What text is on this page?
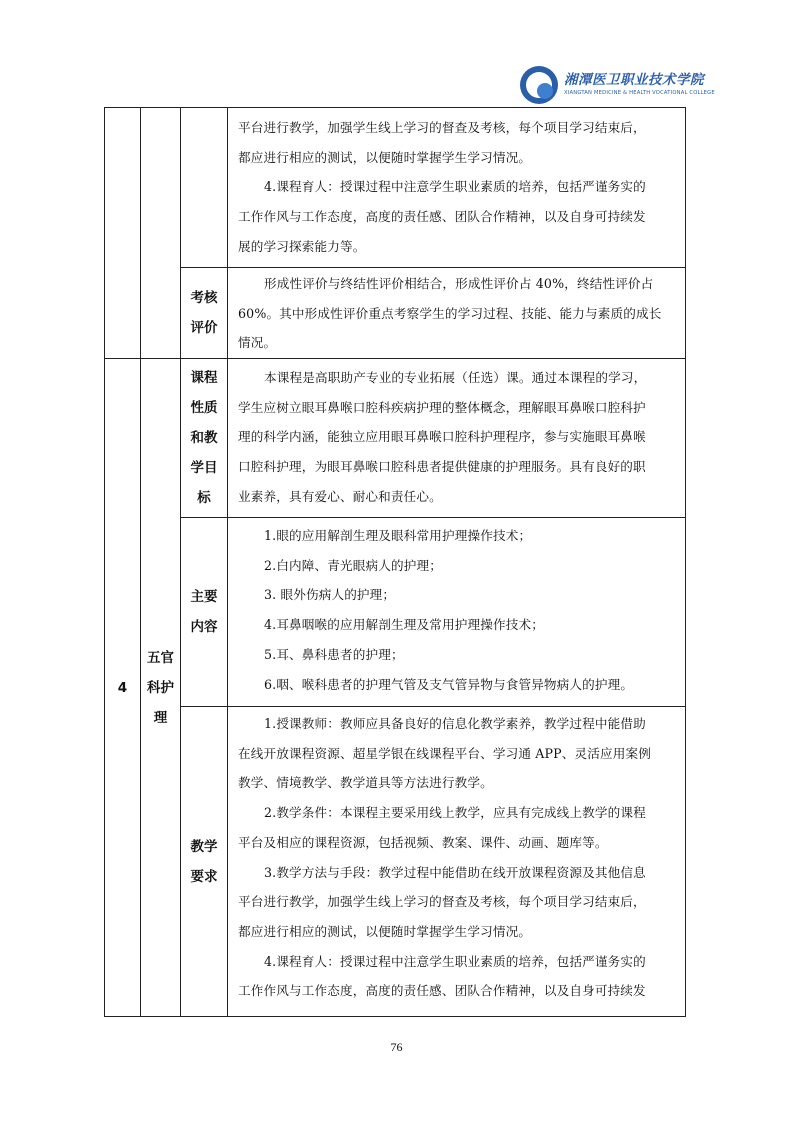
湘潭医卫职业技术学院
XIANGTAN MEDICINE & HEALTH VOCATIONAL COLLEGE
平台进行教学，加强学生线上学习的督查及考核，每个项目学习结束后，
都应进行相应的测试，以便随时掌握学生学习情况。
4.课程育人：授课过程中注意学生职业素质的培养，包括严谨务实的
工作作风与工作态度，高度的责任感、团队合作精神，以及自身可持续发
展的学习探索能力等。
考核
评价
形成性评价与终结性评价相结合，形成性评价占 40%，终结性评价占
60%。其中形成性评价重点考察学生的学习过程、技能、能力与素质的成长
情况。
4
五官
科护
理
课程
性质
和教
学目
标
本课程是高职助产专业的专业拓展（任选）课。通过本课程的学习，
学生应树立眼耳鼻喉口腔科疾病护理的整体概念，理解眼耳鼻喉口腔科护
理的科学内涵，能独立应用眼耳鼻喉口腔科护理程序，参与实施眼耳鼻喉
口腔科护理，为眼耳鼻喉口腔科患者提供健康的护理服务。具有良好的职
业素养，具有爱心、耐心和责任心。
主要
内容
1.眼的应用解剖生理及眼科常用护理操作技术；
2.白内障、青光眼病人的护理；
3. 眼外伤病人的护理；
4.耳鼻咽喉的应用解剖生理及常用护理操作技术；
5.耳、鼻科患者的护理；
6.咽、喉科患者的护理气管及支气管异物与食管异物病人的护理。
教学
要求
1.授课教师：教师应具备良好的信息化教学素养，教学过程中能借助
在线开放课程资源、超星学银在线课程平台、学习通 APP、灵活应用案例
教学、情境教学、教学道具等方法进行教学。
2.教学条件：本课程主要采用线上教学，应具有完成线上教学的课程
平台及相应的课程资源，包括视频、教案、课件、动画、题库等。
3.教学方法与手段：教学过程中能借助在线开放课程资源及其他信息
平台进行教学，加强学生线上学习的督查及考核，每个项目学习结束后，
都应进行相应的测试，以便随时掌握学生学习情况。
4.课程育人：授课过程中注意学生职业素质的培养，包括严谨务实的
工作作风与工作态度，高度的责任感、团队合作精神，以及自身可持续发
76
